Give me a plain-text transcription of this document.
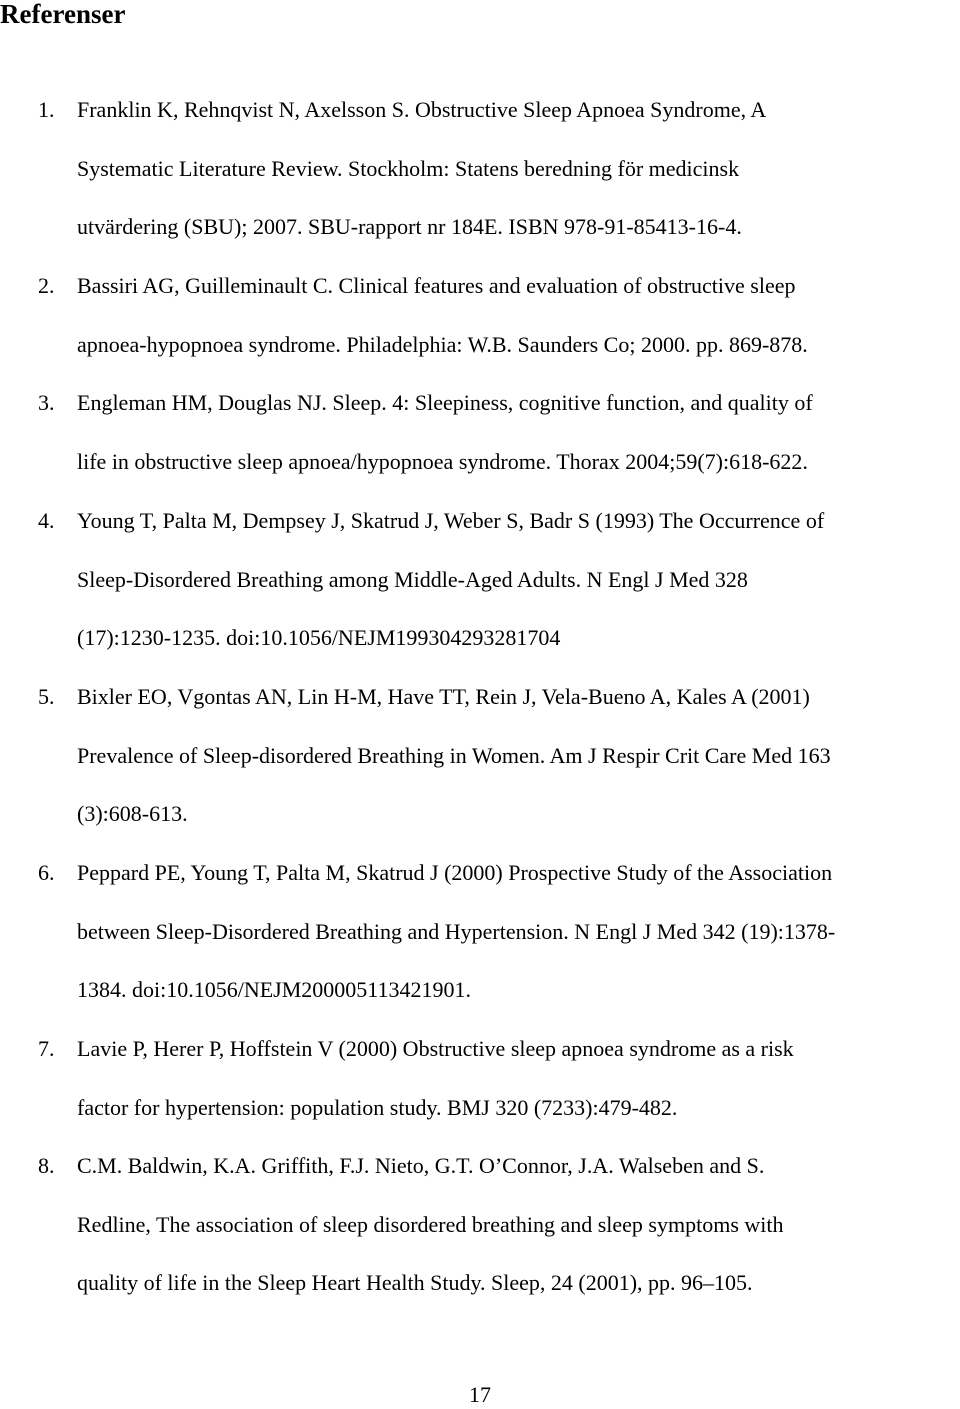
Referenser
1. Franklin K, Rehnqvist N, Axelsson S. Obstructive Sleep Apnoea Syndrome, A
Systematic Literature Review. Stockholm: Statens beredning för medicinsk
utvärdering (SBU); 2007. SBU-rapport nr 184E. ISBN 978-91-85413-16-4.

2. Bassiri AG, Guilleminault C. Clinical features and evaluation of obstructive sleep
apnoea-hypopnoea syndrome. Philadelphia: W.B. Saunders Co; 2000. pp. 869-878.

3. Engleman HM, Douglas NJ. Sleep. 4: Sleepiness, cognitive function, and quality of
life in obstructive sleep apnoea/hypopnoea syndrome. Thorax 2004;59(7):618-622.

4. Young T, Palta M, Dempsey J, Skatrud J, Weber S, Badr S (1993) The Occurrence of
Sleep-Disordered Breathing among Middle-Aged Adults. N Engl J Med 328
(17):1230-1235. doi:10.1056/NEJM199304293281704

5. Bixler EO, Vgontas AN, Lin H-M, Have TT, Rein J, Vela-Bueno A, Kales A (2001)
Prevalence of Sleep-disordered Breathing in Women. Am J Respir Crit Care Med 163
(3):608-613.

6. Peppard PE, Young T, Palta M, Skatrud J (2000) Prospective Study of the Association
between Sleep-Disordered Breathing and Hypertension. N Engl J Med 342 (19):1378-
1384. doi:10.1056/NEJM200005113421901.

7. Lavie P, Herer P, Hoffstein V (2000) Obstructive sleep apnoea syndrome as a risk
factor for hypertension: population study. BMJ 320 (7233):479-482.

8. C.M. Baldwin, K.A. Griffith, F.J. Nieto, G.T. O’Connor, J.A. Walseben and S.
Redline, The association of sleep disordered breathing and sleep symptoms with
quality of life in the Sleep Heart Health Study. Sleep, 24 (2001), pp. 96–105.

17
